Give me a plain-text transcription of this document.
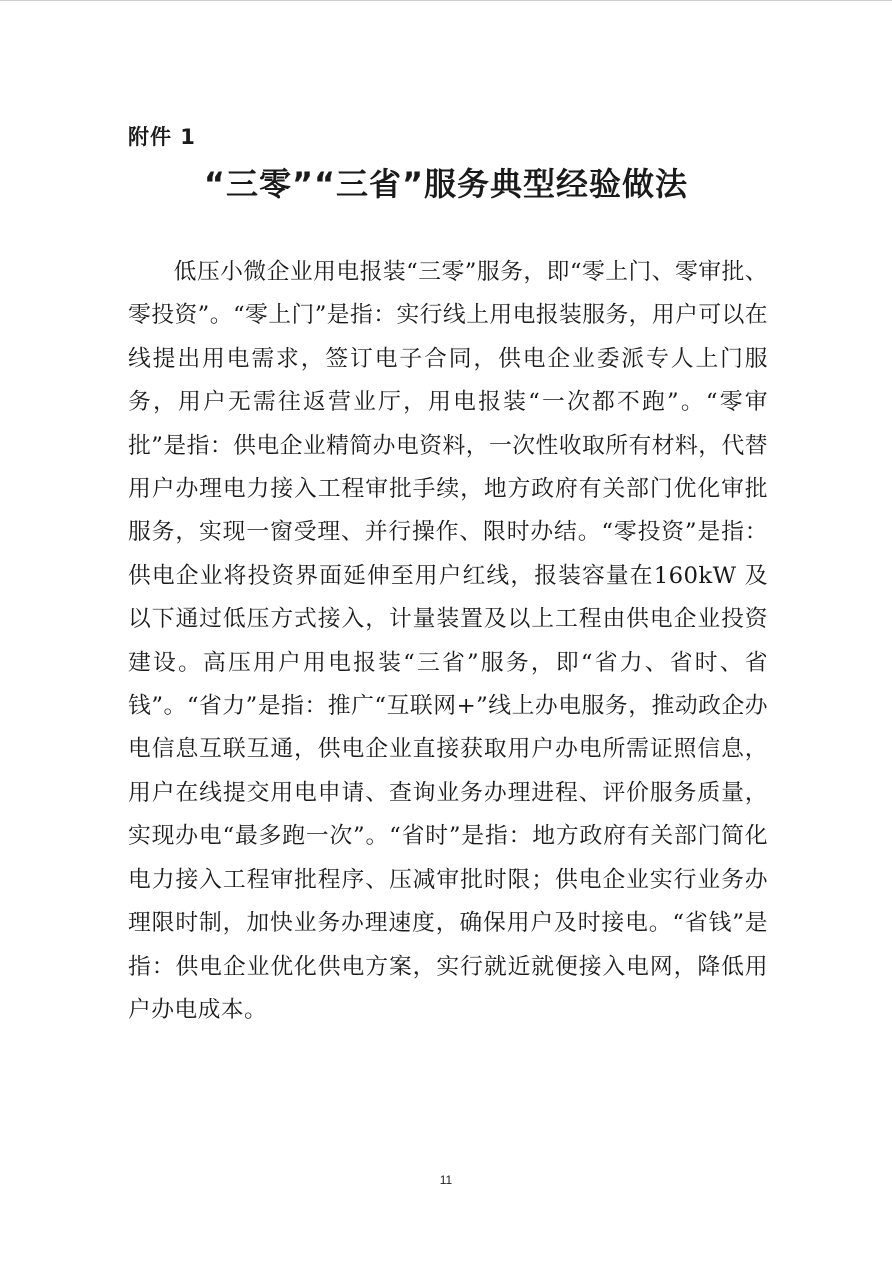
附件 1
“三零”“三省”服务典型经验做法

低压小微企业用电报装“三零”服务，即“零上门、零审批、零投资”。“零上门”是指：实行线上用电报装服务，用户可以在线提出用电需求，签订电子合同，供电企业委派专人上门服务，用户无需往返营业厅，用电报装“一次都不跑”。“零审批”是指：供电企业精简办电资料，一次性收取所有材料，代替用户办理电力接入工程审批手续，地方政府有关部门优化审批服务，实现一窗受理、并行操作、限时办结。“零投资”是指：供电企业将投资界面延伸至用户红线，报装容量在160kW 及以下通过低压方式接入，计量装置及以上工程由供电企业投资建设。高压用户用电报装“三省”服务，即“省力、省时、省钱”。“省力”是指：推广“互联网+”线上办电服务，推动政企办电信息互联互通，供电企业直接获取用户办电所需证照信息，用户在线提交用电申请、查询业务办理进程、评价服务质量，实现办电“最多跑一次”。“省时”是指：地方政府有关部门简化电力接入工程审批程序、压减审批时限；供电企业实行业务办理限时制，加快业务办理速度，确保用户及时接电。“省钱”是指：供电企业优化供电方案，实行就近就便接入电网，降低用户办电成本。

11
